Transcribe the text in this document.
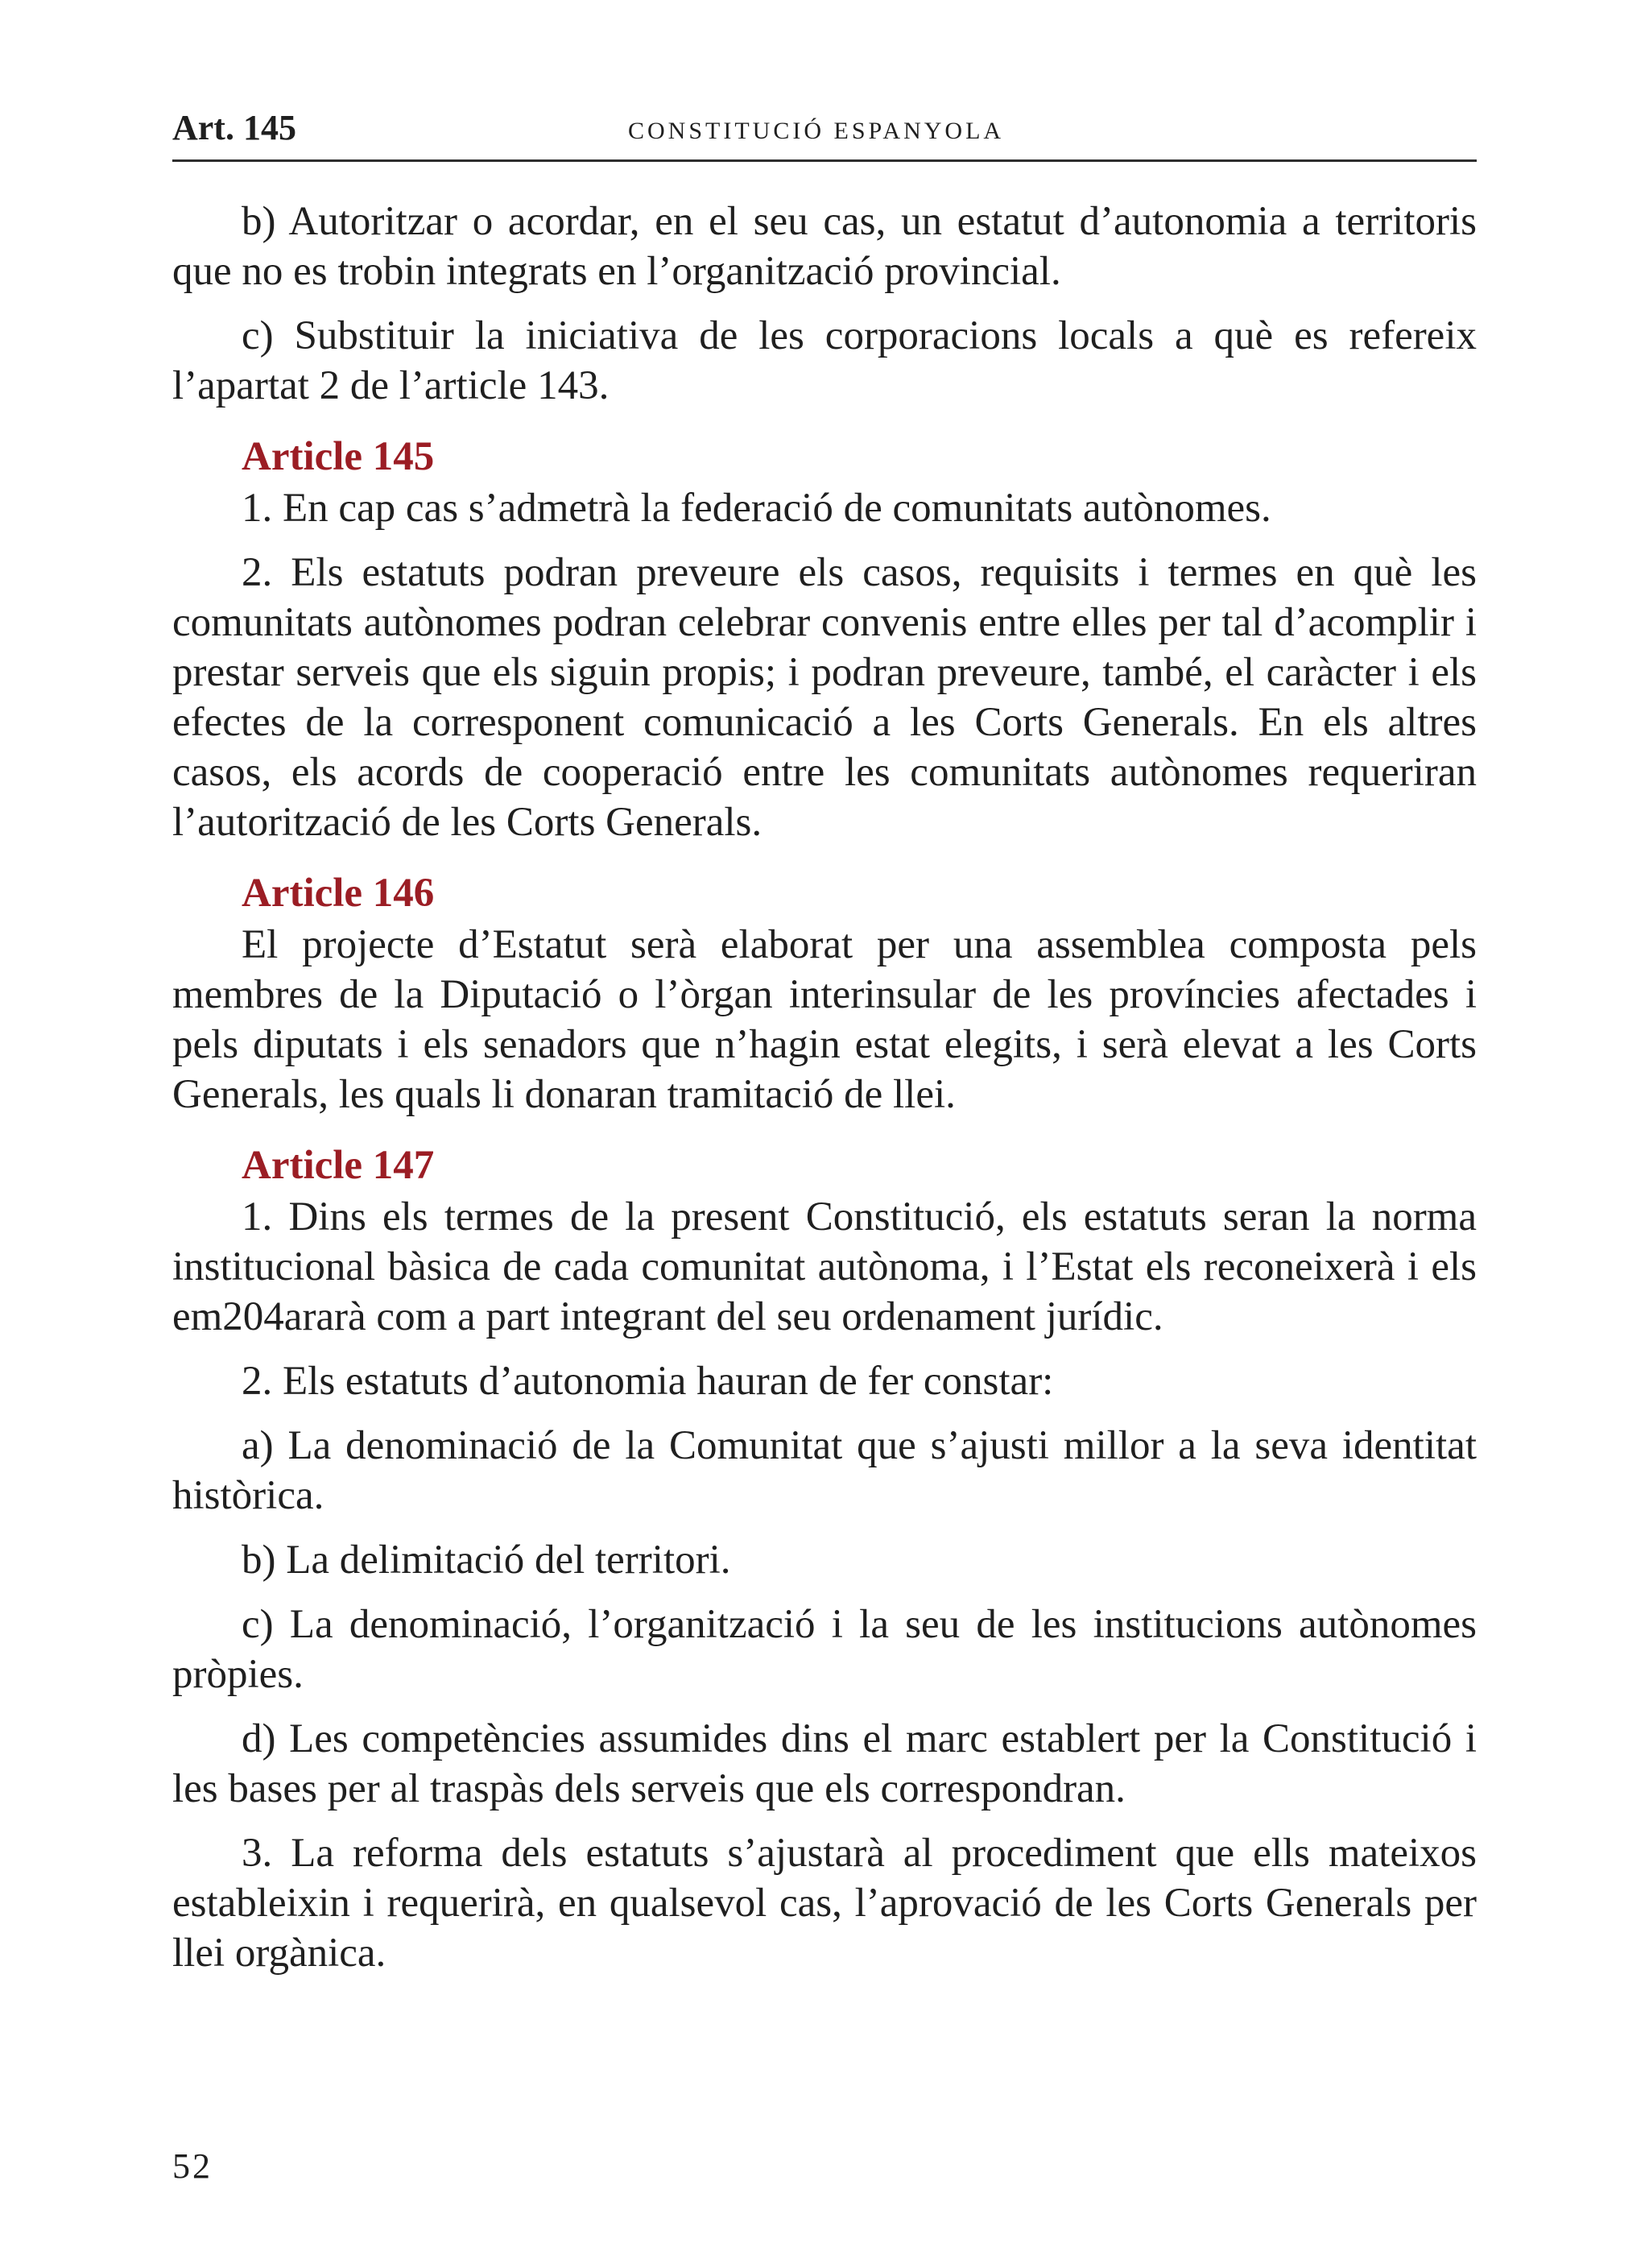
Art. 145	CONSTITUCIÓ ESPANYOLA

b) Autoritzar o acordar, en el seu cas, un estatut d’autonomia a territoris que no es trobin integrats en l’organització provincial.

c) Substituir la iniciativa de les corporacions locals a què es refereix l’apartat 2 de l’article 143.

Article 145

1. En cap cas s’admetrà la federació de comunitats autònomes.

2. Els estatuts podran preveure els casos, requisits i termes en què les comunitats autònomes podran celebrar convenis entre elles per tal d’acomplir i prestar serveis que els siguin propis; i podran preveure, també, el caràcter i els efectes de la corresponent comunicació a les Corts Generals. En els altres casos, els acords de cooperació entre les comunitats autònomes requeriran l’autorització de les Corts Generals.

Article 146

El projecte d’Estatut serà elaborat per una assemblea composta pels membres de la Diputació o l’òrgan interinsular de les províncies afectades i pels diputats i els senadors que n’hagin estat elegits, i serà elevat a les Corts Generals, les quals li donaran tramitació de llei.

Article 147

1. Dins els termes de la present Constitució, els estatuts seran la norma institucional bàsica de cada comunitat autònoma, i l’Estat els reconeixerà i els em204ararà com a part integrant del seu ordenament jurídic.

2. Els estatuts d’autonomia hauran de fer constar:

a) La denominació de la Comunitat que s’ajusti millor a la seva identitat històrica.

b) La delimitació del territori.

c) La denominació, l’organització i la seu de les institucions autònomes pròpies.

d) Les competències assumides dins el marc establert per la Constitució i les bases per al traspàs dels serveis que els correspondran.

3. La reforma dels estatuts s’ajustarà al procediment que ells mateixos estableixin i requerirà, en qualsevol cas, l’aprovació de les Corts Generals per llei orgànica.

52
